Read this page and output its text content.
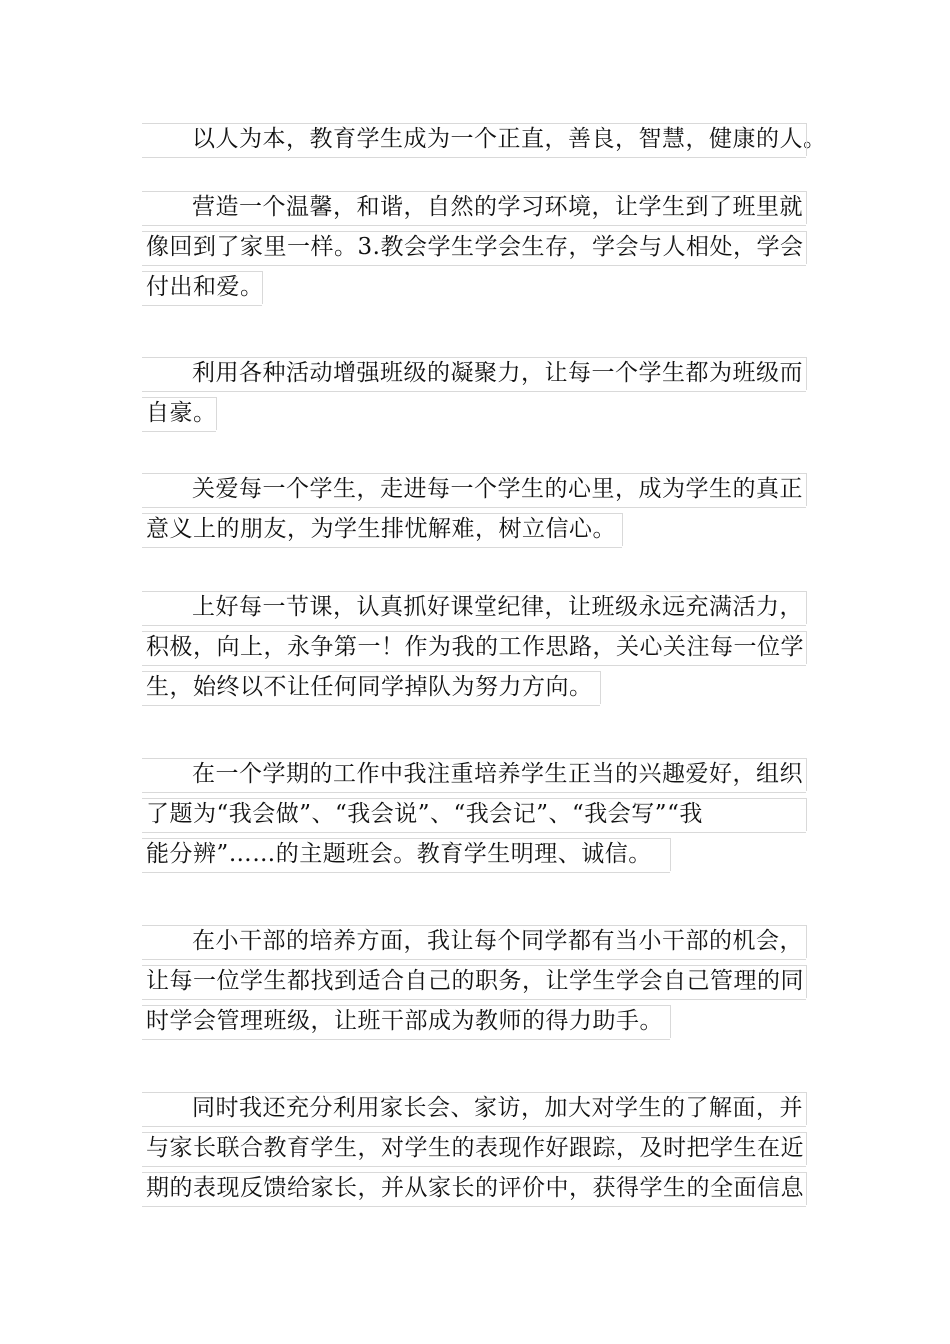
以人为本，教育学生成为一个正直，善良，智慧，健康的人。
营造一个温馨，和谐，自然的学习环境，让学生到了班里就
像回到了家里一样。3.教会学生学会生存，学会与人相处，学会
付出和爱。
利用各种活动增强班级的凝聚力，让每一个学生都为班级而
自豪。
关爱每一个学生，走进每一个学生的心里，成为学生的真正
意义上的朋友，为学生排忧解难，树立信心。
上好每一节课，认真抓好课堂纪律，让班级永远充满活力，
积极，向上，永争第一！作为我的工作思路，关心关注每一位学
生，始终以不让任何同学掉队为努力方向。
在一个学期的工作中我注重培养学生正当的兴趣爱好，组织
了题为“我会做”、“我会说”、“我会记”、“我会写”“我
能分辨”……的主题班会。教育学生明理、诚信。
在小干部的培养方面，我让每个同学都有当小干部的机会，
让每一位学生都找到适合自己的职务，让学生学会自己管理的同
时学会管理班级，让班干部成为教师的得力助手。
同时我还充分利用家长会、家访，加大对学生的了解面，并
与家长联合教育学生，对学生的表现作好跟踪，及时把学生在近
期的表现反馈给家长，并从家长的评价中，获得学生的全面信息
